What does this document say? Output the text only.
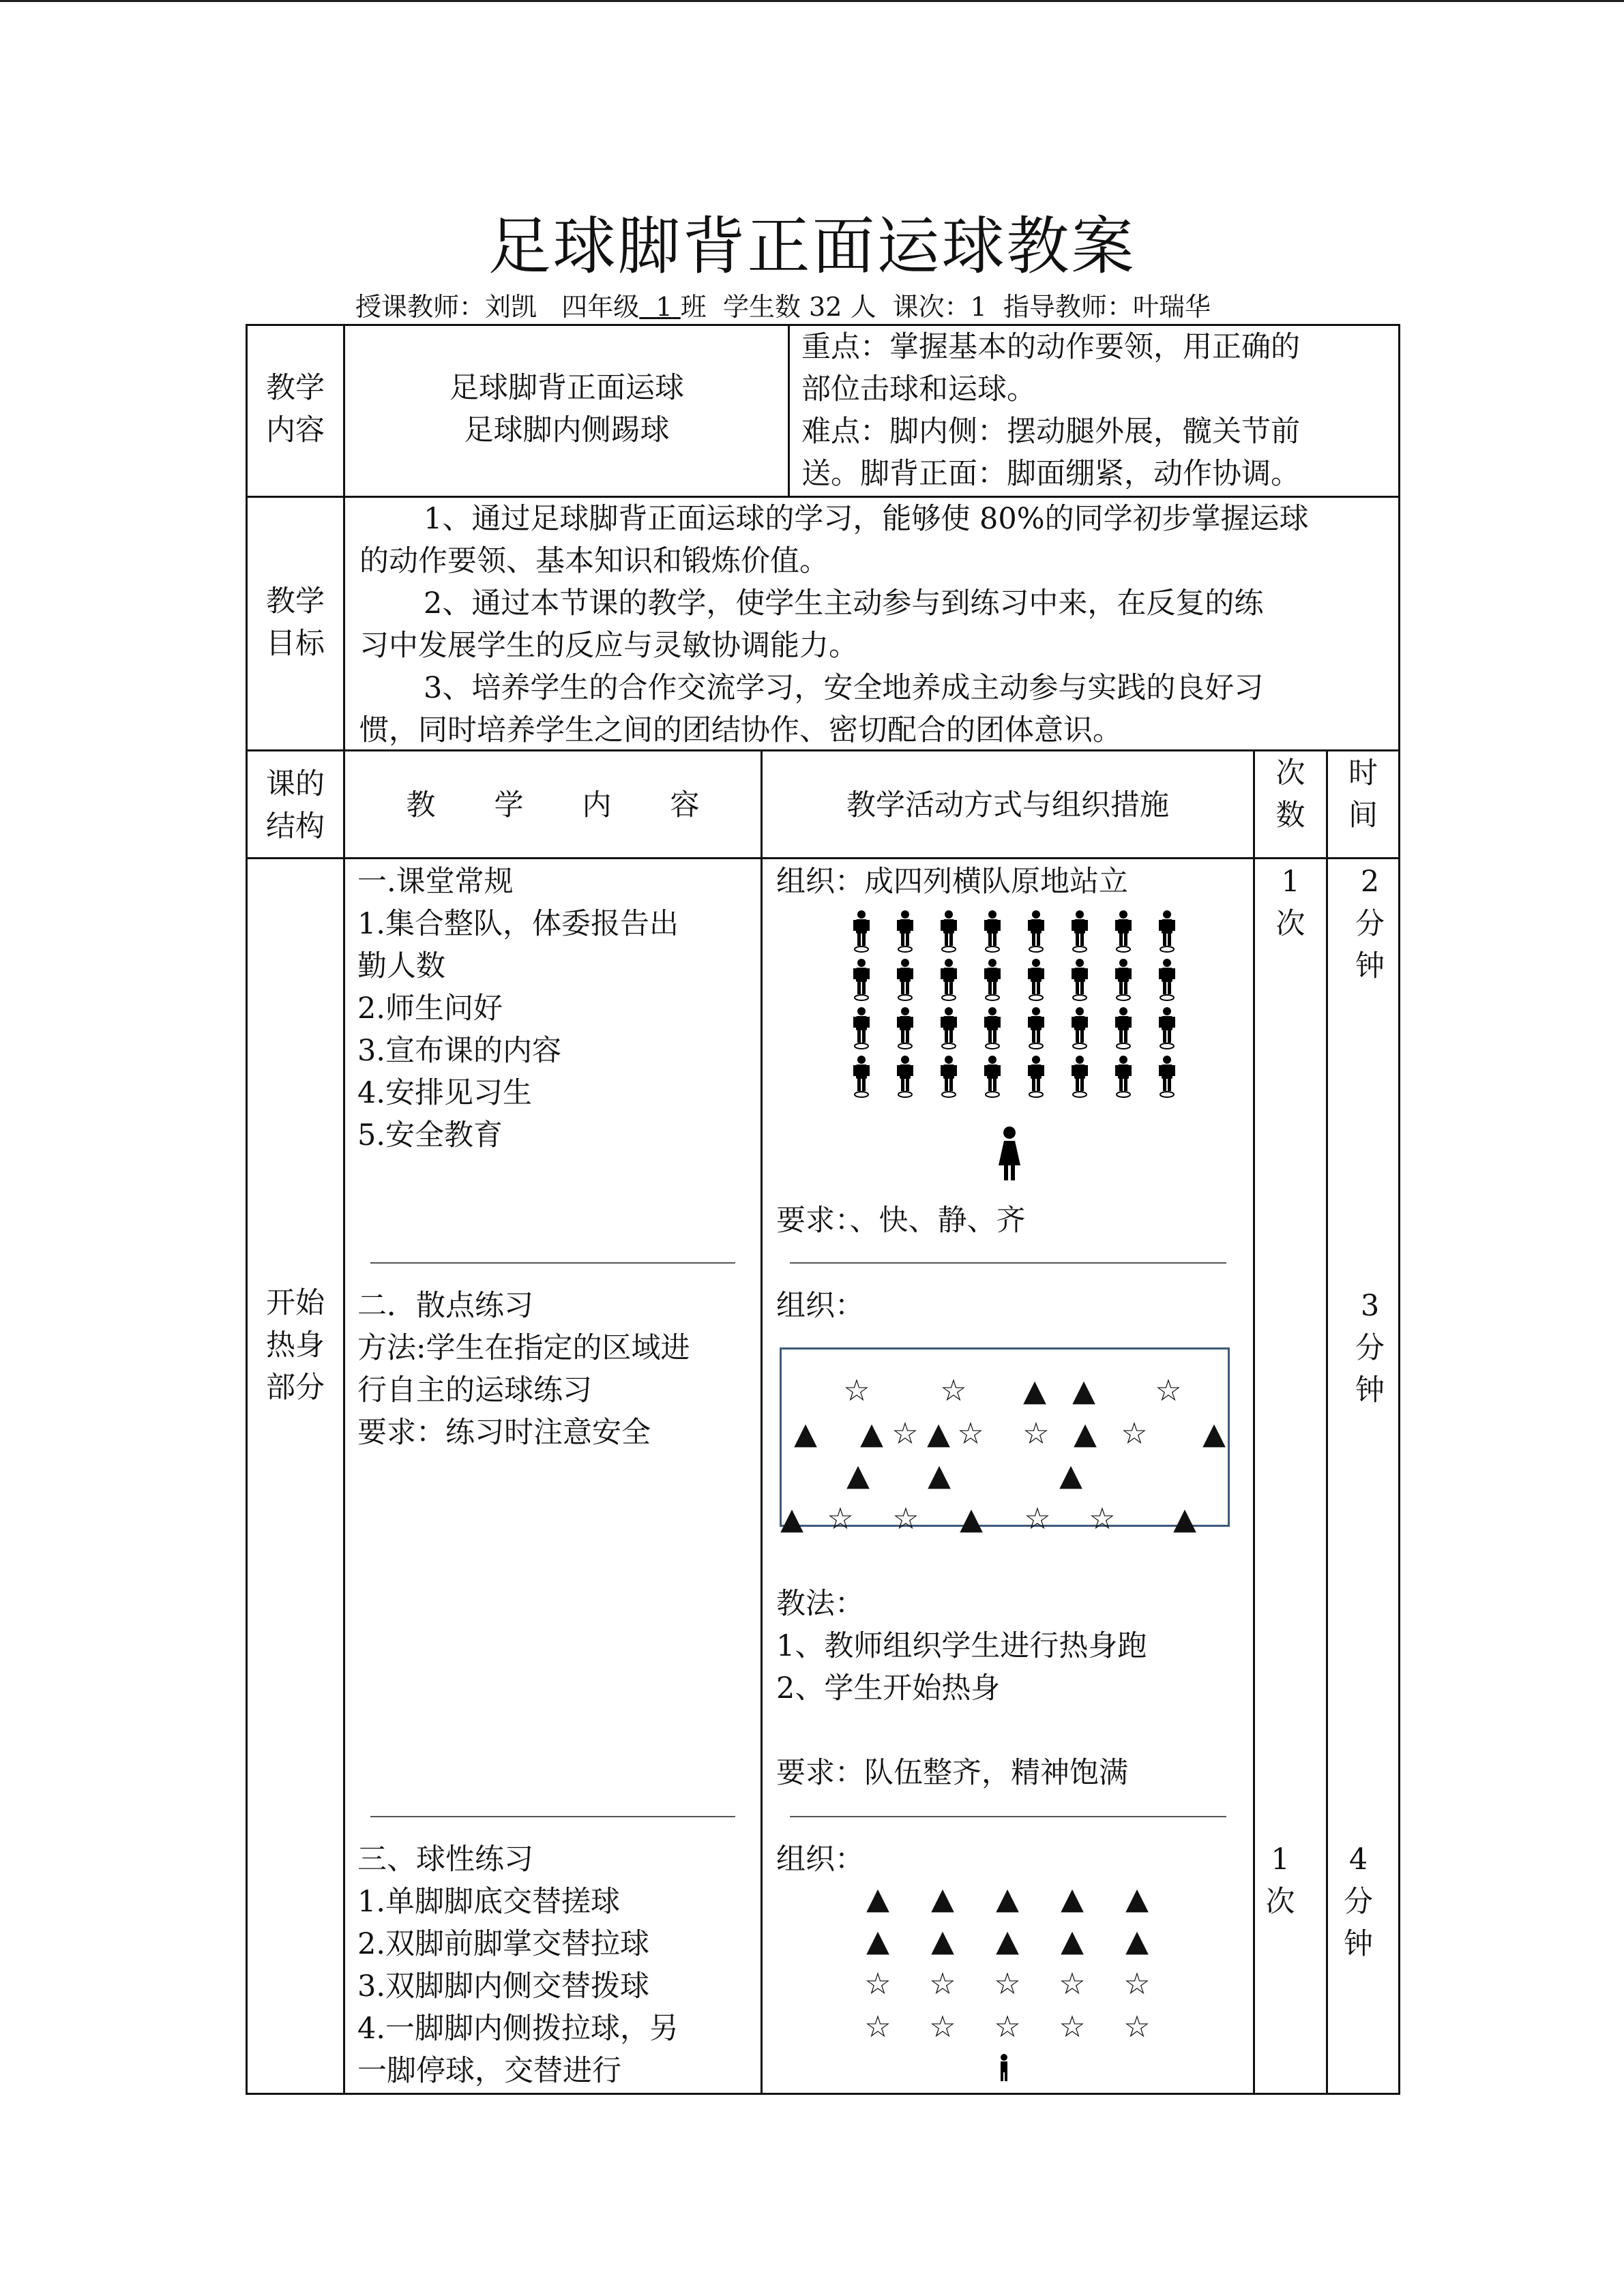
足球脚背正面运球教案
授课教师：刘凯 四年级 1 班 学生数 32 人 课次：1 指导教师：叶瑞华
教学
内容
足球脚背正面运球
足球脚内侧踢球
重点：掌握基本的动作要领，用正确的
部位击球和运球。
难点：脚内侧：摆动腿外展，髋关节前
送。脚背正面：脚面绷紧，动作协调。
教学
目标
1、通过足球脚背正面运球的学习，能够使 80%的同学初步掌握运球
的动作要领、基本知识和锻炼价值。
2、通过本节课的教学，使学生主动参与到练习中来，在反复的练
习中发展学生的反应与灵敏协调能力。
3、培养学生的合作交流学习，安全地养成主动参与实践的良好习
惯，同时培养学生之间的团结协作、密切配合的团体意识。
课的
结构
教　　学　　内　　容	教学活动方式与组织措施
次
数
时
间
开始
热身
部分
一.课堂常规
1.集合整队，体委报告出
勤人数
2.师生问好
3.宣布课的内容
4.安排见习生
5.安全教育
组织：成四列横队原地站立
要求：、快、静、齐
1
次
2
分
钟
二．散点练习
方法:学生在指定的区域进
行自主的运球练习
要求：练习时注意安全
组织：
☆ ☆ ▲ ▲ ☆
▲ ▲ ☆ ▲ ☆ ☆ ▲ ☆ ▲
▲ ▲	▲
▲ ☆ ☆ ▲ ☆ ☆ ▲
教法：
1、教师组织学生进行热身跑
2、学生开始热身
要求：队伍整齐，精神饱满
3
分
钟
三、球性练习
1.单脚脚底交替搓球
2.双脚前脚掌交替拉球
3.双脚脚内侧交替拨球
4.一脚脚内侧拨拉球，另
一脚停球，交替进行
组织：
▲ ▲ ▲ ▲ ▲
▲ ▲ ▲ ▲ ▲
☆ ☆ ☆ ☆ ☆
☆ ☆ ☆ ☆ ☆
1
次
4
分
钟
